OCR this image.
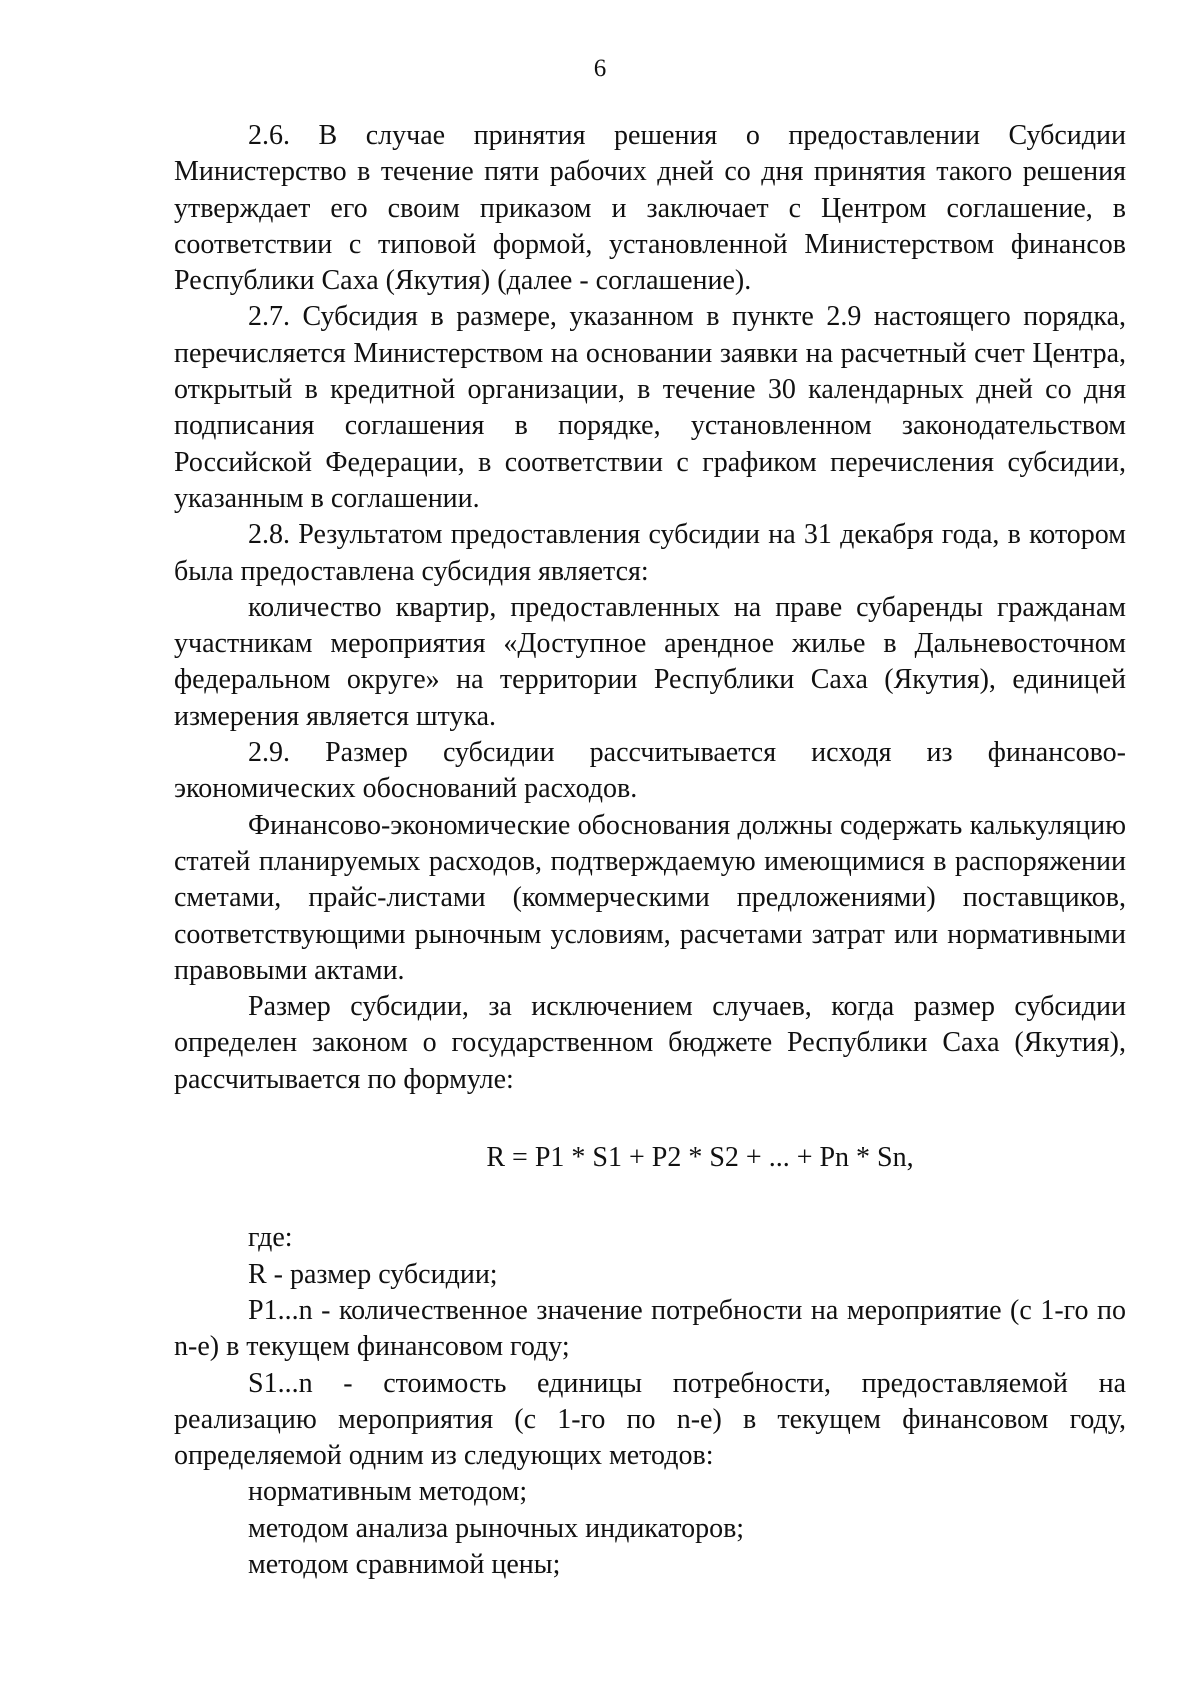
6

2.6. В случае принятия решения о предоставлении Субсидии Министерство в течение пяти рабочих дней со дня принятия такого решения утверждает его своим приказом и заключает с Центром соглашение, в соответствии с типовой формой, установленной Министерством финансов Республики Саха (Якутия) (далее - соглашение).

2.7. Субсидия в размере, указанном в пункте 2.9 настоящего порядка, перечисляется Министерством на основании заявки на расчетный счет Центра, открытый в кредитной организации, в течение 30 календарных дней со дня подписания соглашения в порядке, установленном законодательством Российской Федерации, в соответствии с графиком перечисления субсидии, указанным в соглашении.

2.8. Результатом предоставления субсидии на 31 декабря года, в котором была предоставлена субсидия является:

количество квартир, предоставленных на праве субаренды гражданам участникам мероприятия «Доступное арендное жилье в Дальневосточном федеральном округе» на территории Республики Саха (Якутия), единицей измерения является штука.

2.9. Размер субсидии рассчитывается исходя из финансово-экономических обоснований расходов.

Финансово-экономические обоснования должны содержать калькуляцию статей планируемых расходов, подтверждаемую имеющимися в распоряжении сметами, прайс-листами (коммерческими предложениями) поставщиков, соответствующими рыночным условиям, расчетами затрат или нормативными правовыми актами.

Размер субсидии, за исключением случаев, когда размер субсидии определен законом о государственном бюджете Республики Саха (Якутия), рассчитывается по формуле:

R = P1 * S1 + P2 * S2 + ... + Pn * Sn,

где:

R - размер субсидии;

P1...n - количественное значение потребности на мероприятие (с 1-го по n-е) в текущем финансовом году;

S1...n - стоимость единицы потребности, предоставляемой на реализацию мероприятия (с 1-го по n-е) в текущем финансовом году, определяемой одним из следующих методов:

нормативным методом;

методом анализа рыночных индикаторов;

методом сравнимой цены;
